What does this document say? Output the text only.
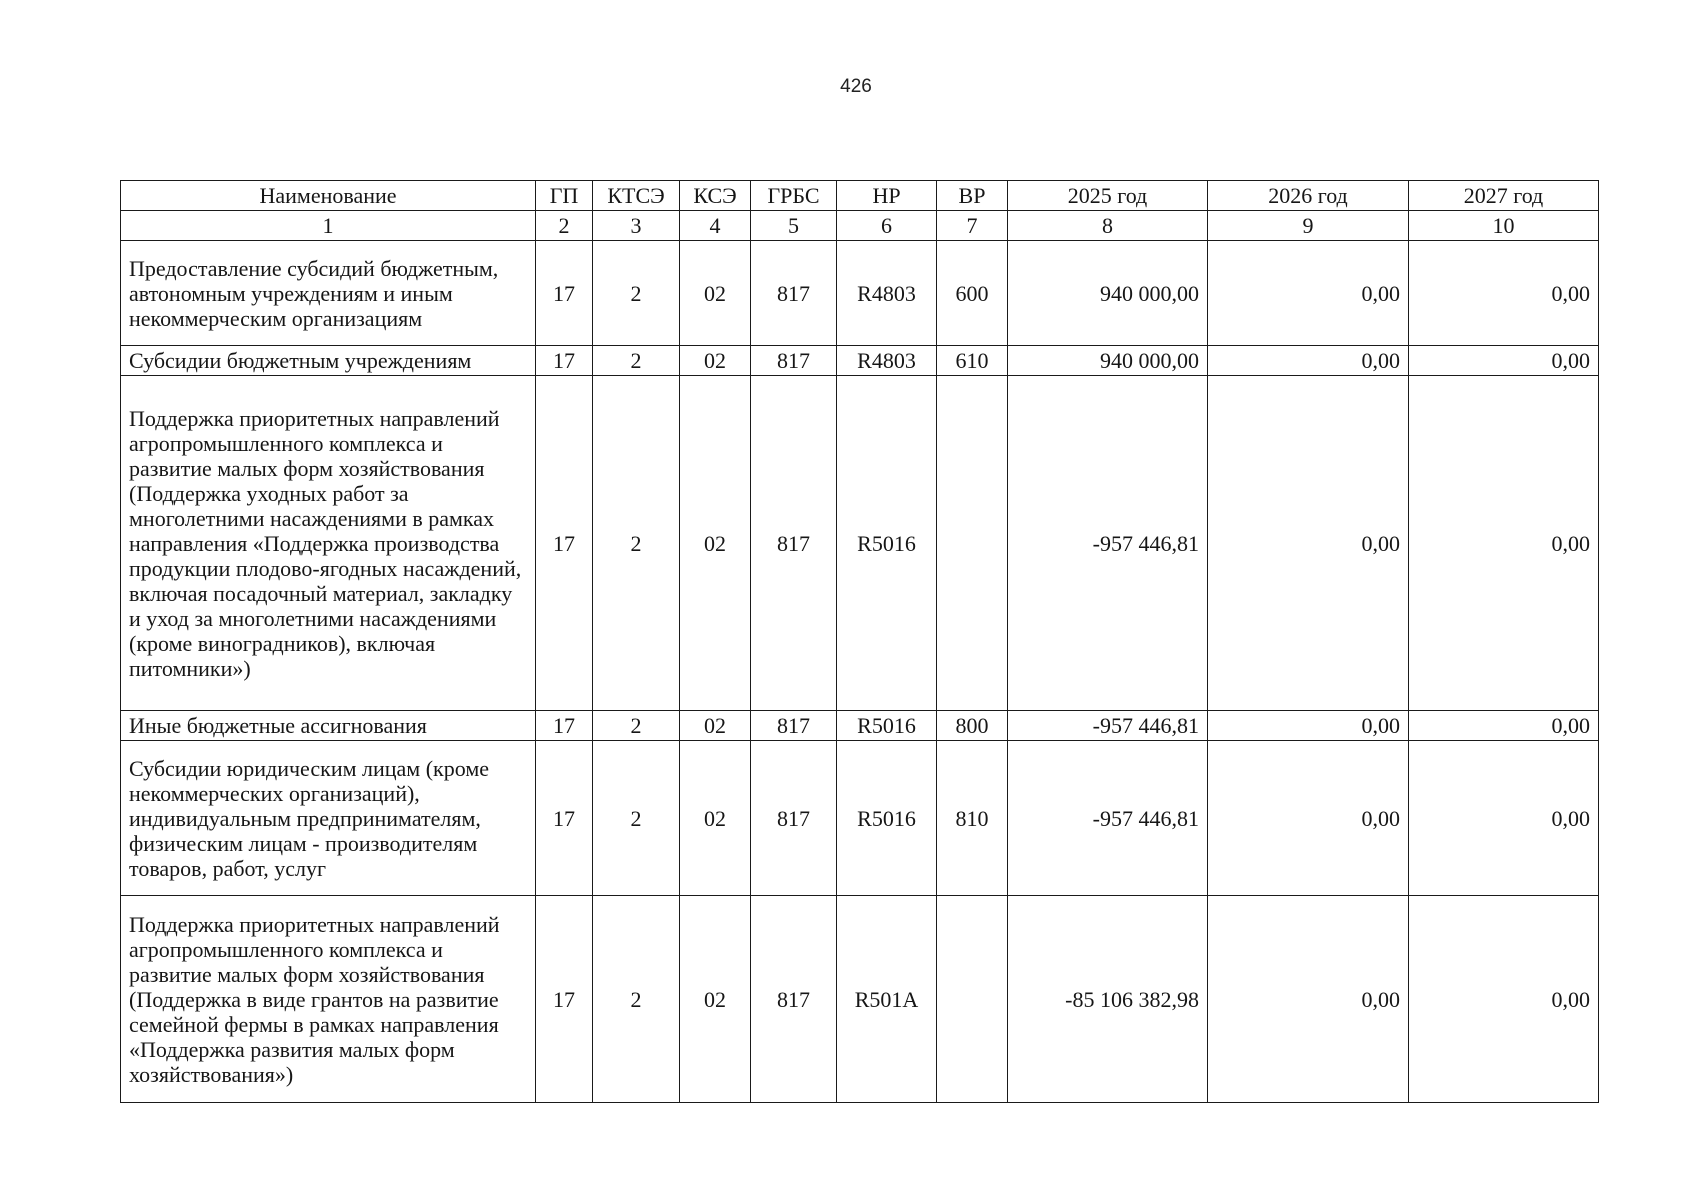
426
Наименование	ГП	КТСЭ	КСЭ	ГРБС	НР	ВР	2025 год	2026 год	2027 год
1	2	3	4	5	6	7	8	9	10
Предоставление субсидий бюджетным, автономным учреждениям и иным некоммерческим организациям	17	2	02	817	R4803	600	940 000,00	0,00	0,00
Субсидии бюджетным учреждениям	17	2	02	817	R4803	610	940 000,00	0,00	0,00
Поддержка приоритетных направлений агропромышленного комплекса и развитие малых форм хозяйствования (Поддержка уходных работ за многолетними насаждениями в рамках направления «Поддержка производства продукции плодово-ягодных насаждений, включая посадочный материал, закладку и уход за многолетними насаждениями (кроме виноградников), включая питомники»)	17	2	02	817	R5016		-957 446,81	0,00	0,00
Иные бюджетные ассигнования	17	2	02	817	R5016	800	-957 446,81	0,00	0,00
Субсидии юридическим лицам (кроме некоммерческих организаций), индивидуальным предпринимателям, физическим лицам - производителям товаров, работ, услуг	17	2	02	817	R5016	810	-957 446,81	0,00	0,00
Поддержка приоритетных направлений агропромышленного комплекса и развитие малых форм хозяйствования (Поддержка в виде грантов на развитие семейной фермы в рамках направления «Поддержка развития малых форм хозяйствования»)	17	2	02	817	R501A		-85 106 382,98	0,00	0,00
